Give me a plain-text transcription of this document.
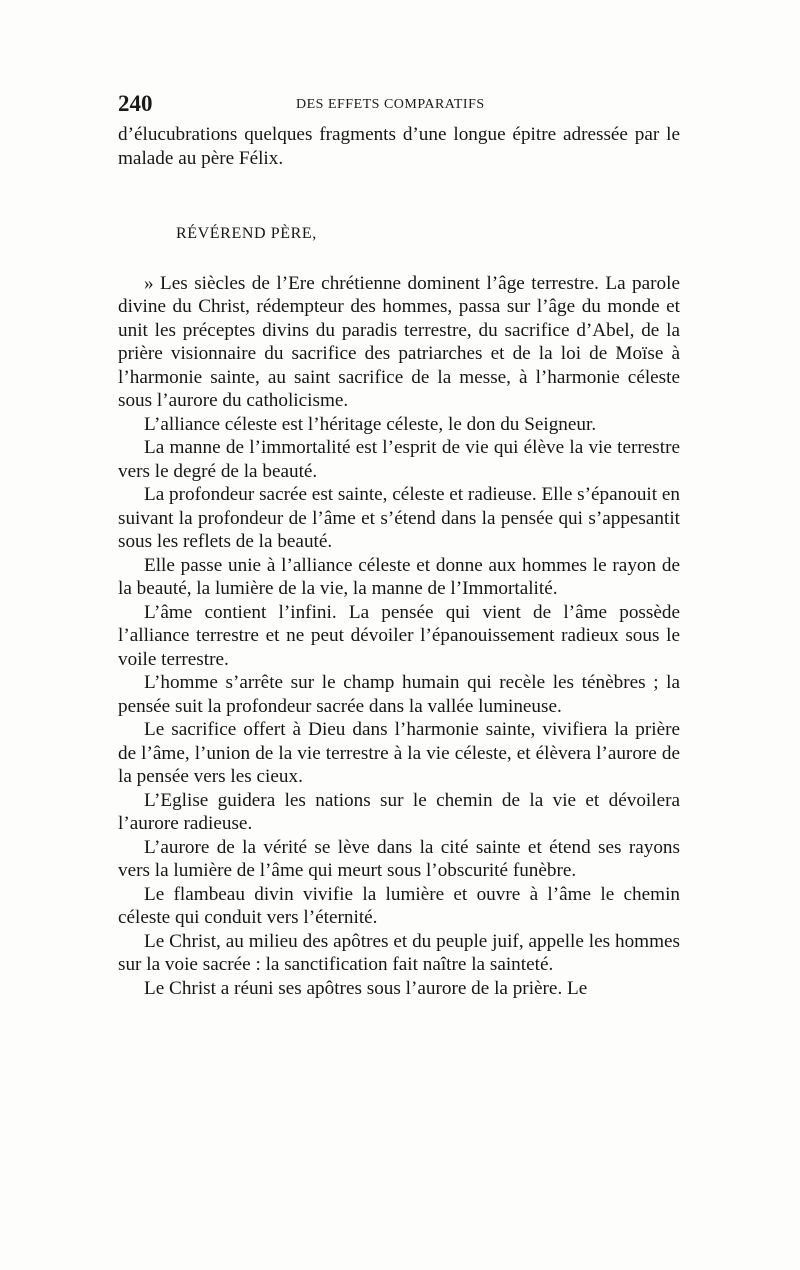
240	DES EFFETS COMPARATIFS

d’élucubrations quelques fragments d’une longue épitre adressée par le malade au père Félix.

RÉVÉREND PÈRE,

» Les siècles de l’Ere chrétienne dominent l’âge terrestre. La parole divine du Christ, rédempteur des hommes, passa sur l’âge du monde et unit les préceptes divins du paradis terrestre, du sacrifice d’Abel, de la prière visionnaire du sacrifice des patriarches et de la loi de Moïse à l’harmonie sainte, au saint sacrifice de la messe, à l’harmonie céleste sous l’aurore du catholicisme.

L’alliance céleste est l’héritage céleste, le don du Seigneur.

La manne de l’immortalité est l’esprit de vie qui élève la vie terrestre vers le degré de la beauté.

La profondeur sacrée est sainte, céleste et radieuse. Elle s’épanouit en suivant la profondeur de l’âme et s’étend dans la pensée qui s’appesantit sous les reflets de la beauté.

Elle passe unie à l’alliance céleste et donne aux hommes le rayon de la beauté, la lumière de la vie, la manne de l’Immortalité.

L’âme contient l’infini. La pensée qui vient de l’âme possède l’alliance terrestre et ne peut dévoiler l’épanouissement radieux sous le voile terrestre.

L’homme s’arrête sur le champ humain qui recèle les ténèbres ; la pensée suit la profondeur sacrée dans la vallée lumineuse.

Le sacrifice offert à Dieu dans l’harmonie sainte, vivifiera la prière de l’âme, l’union de la vie terrestre à la vie céleste, et élèvera l’aurore de la pensée vers les cieux.

L’Eglise guidera les nations sur le chemin de la vie et dévoilera l’aurore radieuse.

L’aurore de la vérité se lève dans la cité sainte et étend ses rayons vers la lumière de l’âme qui meurt sous l’obscurité funèbre.

Le flambeau divin vivifie la lumière et ouvre à l’âme le chemin céleste qui conduit vers l’éternité.

Le Christ, au milieu des apôtres et du peuple juif, appelle les hommes sur la voie sacrée : la sanctification fait naître la sainteté.

Le Christ a réuni ses apôtres sous l’aurore de la prière. Le
